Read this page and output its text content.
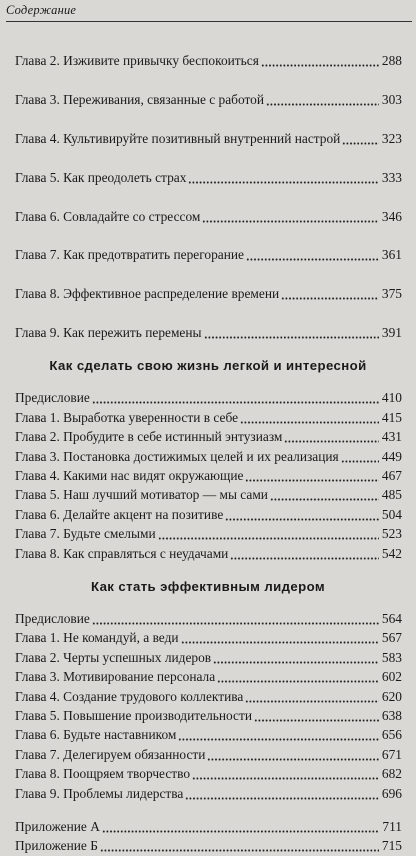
Содержание
Глава 2. Изживите привычку беспокоиться	288
Глава 3. Переживания, связанные с работой	303
Глава 4. Культивируйте позитивный внутренний настрой	323
Глава 5. Как преодолеть страх	333
Глава 6. Совладайте со стрессом	346
Глава 7. Как предотвратить перегорание	361
Глава 8. Эффективное распределение времени	375
Глава 9. Как пережить перемены	391
Как сделать свою жизнь легкой и интересной
Предисловие	410
Глава 1. Выработка уверенности в себе	415
Глава 2. Пробудите в себе истинный энтузиазм	431
Глава 3. Постановка достижимых целей и их реализация	449
Глава 4. Какими нас видят окружающие	467
Глава 5. Наш лучший мотиватор — мы сами	485
Глава 6. Делайте акцент на позитиве	504
Глава 7. Будьте смелыми	523
Глава 8. Как справляться с неудачами	542
Как стать эффективным лидером
Предисловие	564
Глава 1. Не командуй, а веди	567
Глава 2. Черты успешных лидеров	583
Глава 3. Мотивирование персонала	602
Глава 4. Создание трудового коллектива	620
Глава 5. Повышение производительности	638
Глава 6. Будьте наставником	656
Глава 7. Делегируем обязанности	671
Глава 8. Поощряем творчество	682
Глава 9. Проблемы лидерства	696
Приложение А	711
Приложение Б	715
